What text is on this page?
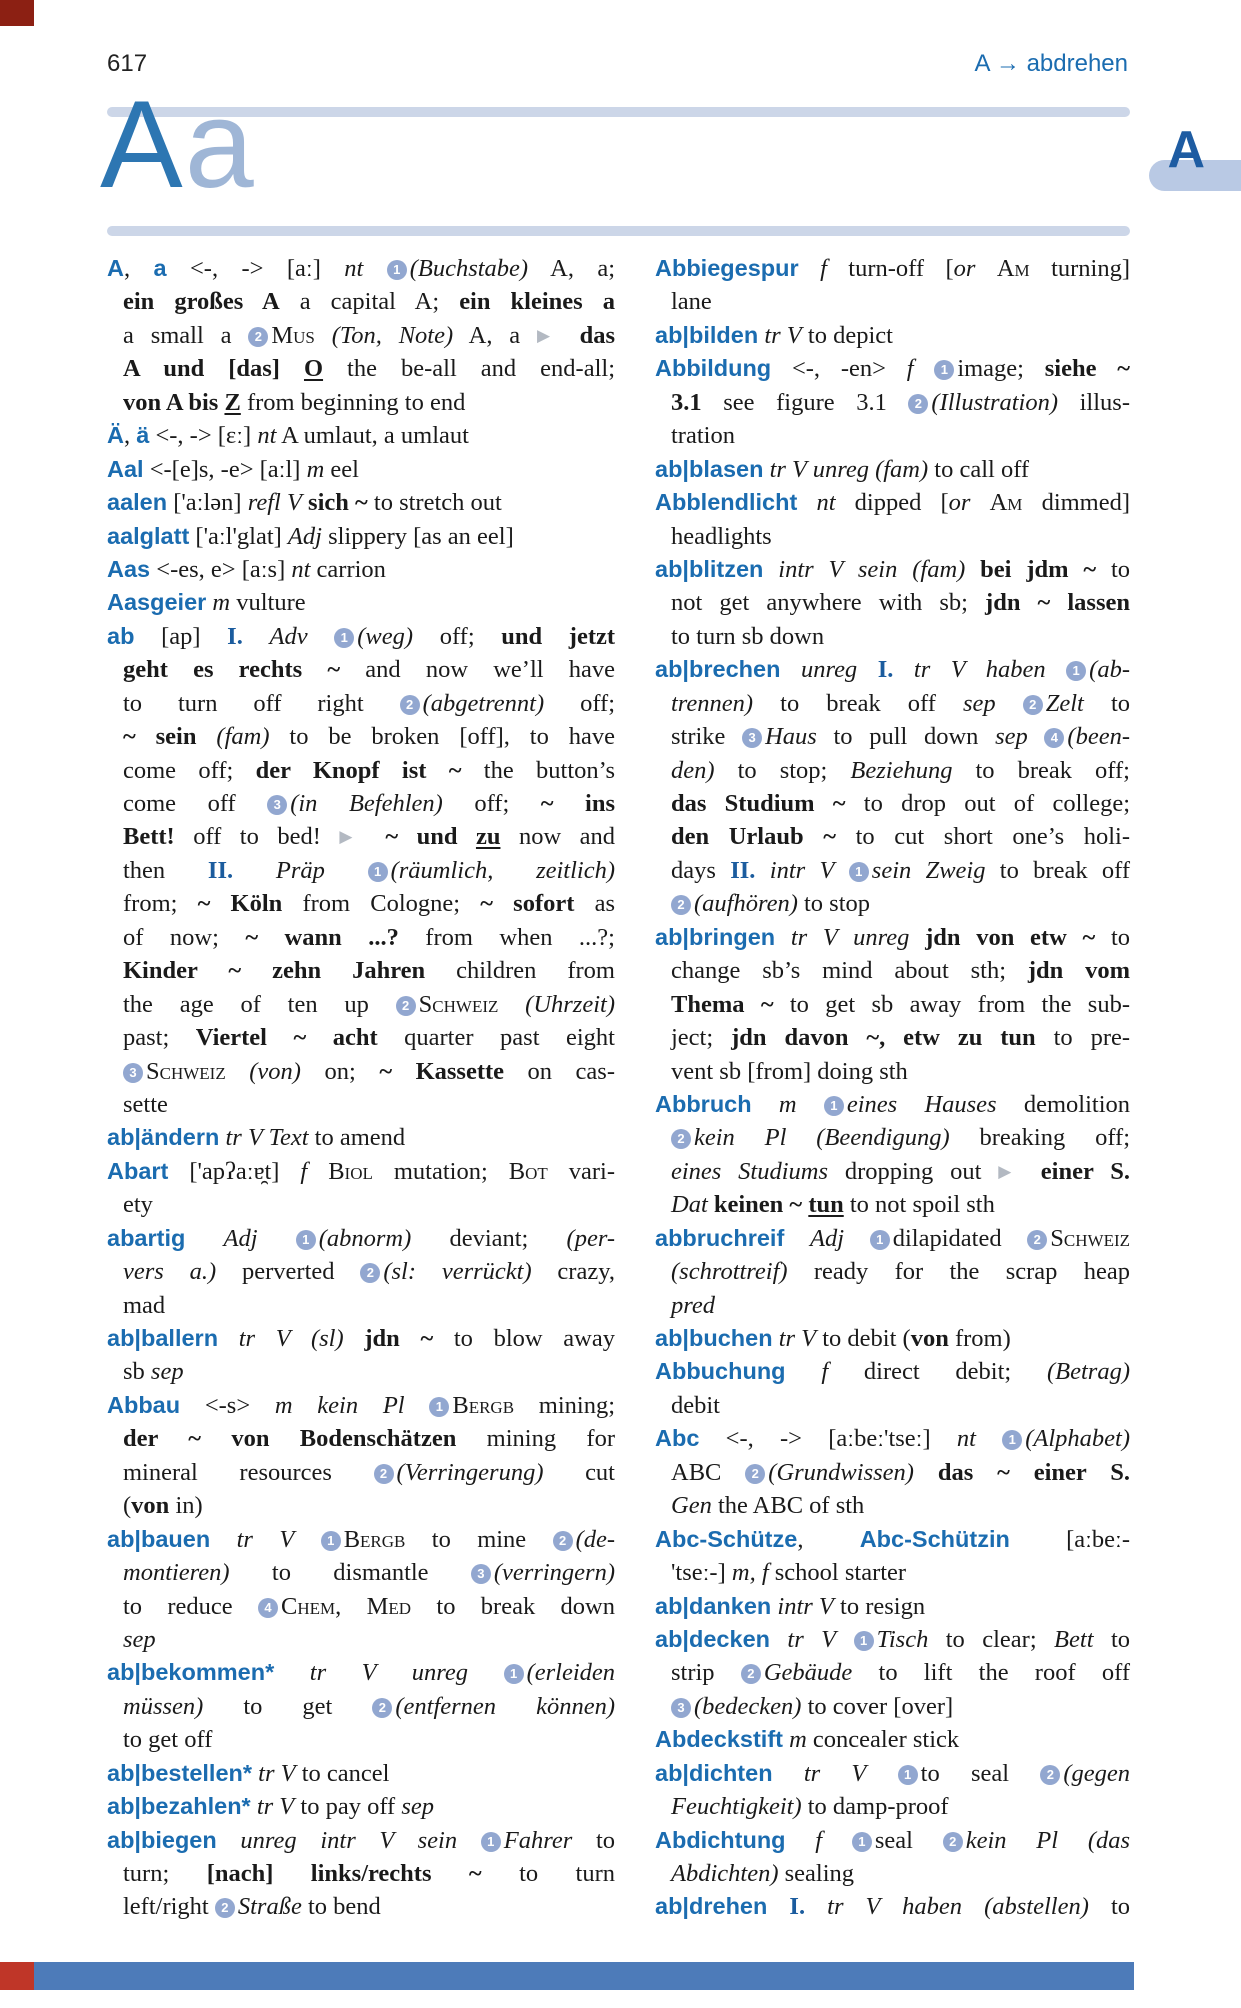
617	A → abdrehen
Aa	A
A, a <-, -> [aː] nt 1 (Buchstabe) A, a;
ein großes A a capital A; ein kleines a
a small a 2 Mus (Ton, Note) A, a ▶ das
A und [das] O the be-all and end-all;
von A bis Z from beginning to end
Ä, ä <-, -> [ɛː] nt A umlaut, a umlaut
Aal <-[e]s, -e> [aːl] m eel
aalen ['aːlən] refl V sich ~ to stretch out
aalglatt ['aːl'glat] Adj slippery [as an eel]
Aas <-es, e> [aːs] nt carrion
Aasgeier m vulture
ab [ap] I. Adv	1 (weg) off; und jetzt
geht es rechts ~ and now we’ll have
to turn off right 2 (abgetrennt) off;
~ sein (fam) to be broken [off], to have
come off; der Knopf ist ~ the button’s
come off 3 (in Befehlen) off; ~ ins
Bett! off to bed! ▶ ~ und zu now and
then II. Präp	1 (räumlich, zeitlich)
from; ~ Köln from Cologne; ~ sofort as
of now; ~ wann ...? from when ...?;
Kinder ~ zehn Jahren children from
the age of ten up 2 Schweiz (Uhrzeit)
past; Viertel ~ acht quarter past eight
3 Schweiz (von) on; ~ Kassette on cas-
sette
ab|ändern tr V Text to amend
Abart ['apʔaːɐ̯t] f Biol mutation; Bot vari-
ety
abartig Adj	1 (abnorm) deviant; (per-
vers a.) perverted 2 (sl: verrückt) crazy,
mad
ab|ballern tr V (sl) jdn ~ to blow away
sb sep
Abbau <-s> m kein Pl 1 Bergb mining;
der ~ von Bodenschätzen mining for
mineral resources 2 (Verringerung) cut
(von in)
ab|bauen tr V	1 Bergb to mine 2 (de-
montieren) to dismantle 3 (verringern)
to reduce 4 Chem, Med to break down
sep
ab|bekommen* tr V unreg	1 (erleiden
müssen) to get 2 (entfernen können)
to get off
ab|bestellen* tr V to cancel
ab|bezahlen* tr V to pay off sep
ab|biegen unreg intr V sein 1 Fahrer to
turn; [nach] links/rechts ~ to turn
left/right 2 Straße to bend
Abbiegespur f turn-off [or Am turning]
lane
ab|bilden tr V to depict
Abbildung <-, -en> f 1 image; siehe ~
3.1 see figure 3.1 2 (Illustration) illus-
tration
ab|blasen tr V unreg (fam) to call off
Abblendlicht nt dipped [or Am dimmed]
headlights
ab|blitzen intr V sein (fam) bei jdm ~ to
not get anywhere with sb; jdn ~ lassen
to turn sb down
ab|brechen unreg I. tr V haben 1 (ab-
trennen) to break off sep	2 Zelt to
strike 3 Haus to pull down sep 4 (been-
den) to stop; Beziehung to break off;
das Studium ~ to drop out of college;
den Urlaub ~ to cut short one’s holi-
days II. intr V 1 sein Zweig to break off
2 (aufhören) to stop
ab|bringen tr V unreg jdn von etw ~ to
change sb’s mind about sth; jdn vom
Thema ~ to get sb away from the sub-
ject; jdn davon ~, etw zu tun to pre-
vent sb [from] doing sth
Abbruch m	1 eines Hauses demolition
2 kein Pl (Beendigung) breaking off;
eines Studiums dropping out ▶ einer S.
Dat keinen ~ tun to not spoil sth
abbruchreif Adj 1 dilapidated 2 Schweiz
(schrottreif) ready for the scrap heap
pred
ab|buchen tr V to debit (von from)
Abbuchung f direct debit; (Betrag)
debit
Abc <-, -> [aːbeː'tseː] nt	1 (Alphabet)
ABC 2 (Grundwissen) das ~ einer S.
Gen the ABC of sth
Abc-Schütze, Abc-Schützin [aːbeː-
'tseː-] m, f school starter
ab|danken intr V to resign
ab|decken tr V 1 Tisch to clear; Bett to
strip 2 Gebäude to lift the roof off
3 (bedecken) to cover [over]
Abdeckstift m concealer stick
ab|dichten tr V	1 to seal 2 (gegen
Feuchtigkeit) to damp-proof
Abdichtung f	1 seal 2 kein Pl (das
Abdichten) sealing
ab|drehen I. tr V haben (abstellen) to
